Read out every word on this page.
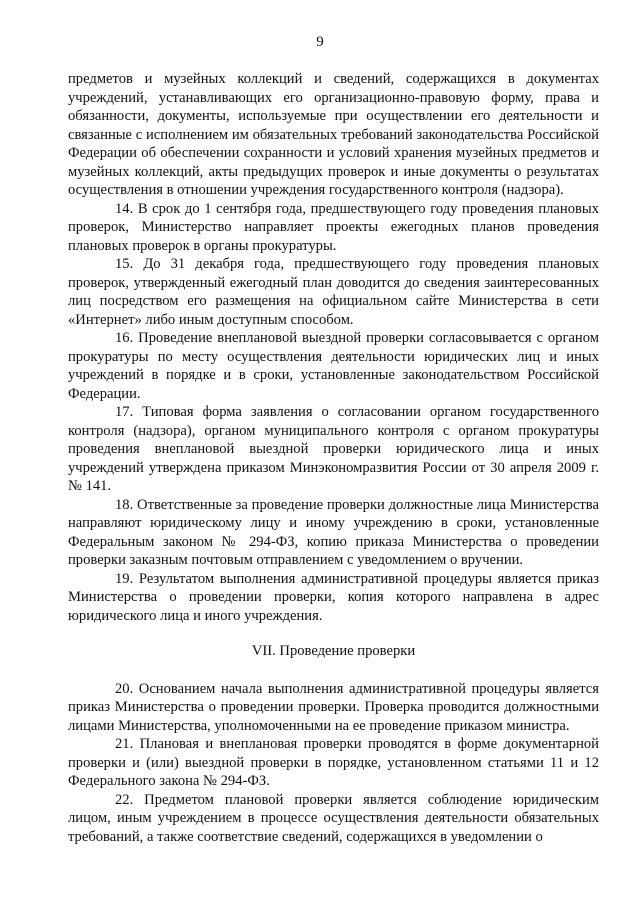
9

предметов и музейных коллекций и сведений, содержащихся в документах учреждений, устанавливающих его организационно-правовую форму, права и обязанности, документы, используемые при осуществлении его деятельности и связанные с исполнением им обязательных требований законодательства Российской Федерации об обеспечении сохранности и условий хранения музейных предметов и музейных коллекций, акты предыдущих проверок и иные документы о результатах осуществления в отношении учреждения государственного контроля (надзора).

14. В срок до 1 сентября года, предшествующего году проведения плановых проверок, Министерство направляет проекты ежегодных планов проведения плановых проверок в органы прокуратуры.

15. До 31 декабря года, предшествующего году проведения плановых проверок, утвержденный ежегодный план доводится до сведения заинтересованных лиц посредством его размещения на официальном сайте Министерства в сети «Интернет» либо иным доступным способом.

16. Проведение внеплановой выездной проверки согласовывается с органом прокуратуры по месту осуществления деятельности юридических лиц и иных учреждений в порядке и в сроки, установленные законодательством Российской Федерации.

17. Типовая форма заявления о согласовании органом государственного контроля (надзора), органом муниципального контроля с органом прокуратуры проведения внеплановой выездной проверки юридического лица и иных учреждений утверждена приказом Минэкономразвития России от 30 апреля 2009 г. № 141.

18. Ответственные за проведение проверки должностные лица Министерства направляют юридическому лицу и иному учреждению в сроки, установленные Федеральным законом № 294-ФЗ, копию приказа Министерства о проведении проверки заказным почтовым отправлением с уведомлением о вручении.

19. Результатом выполнения административной процедуры является приказ Министерства о проведении проверки, копия которого направлена в адрес юридического лица и иного учреждения.

VII. Проведение проверки

20. Основанием начала выполнения административной процедуры является приказ Министерства о проведении проверки. Проверка проводится должностными лицами Министерства, уполномоченными на ее проведение приказом министра.

21. Плановая и внеплановая проверки проводятся в форме документарной проверки и (или) выездной проверки в порядке, установленном статьями 11 и 12 Федерального закона № 294-ФЗ.

22. Предметом плановой проверки является соблюдение юридическим лицом, иным учреждением в процессе осуществления деятельности обязательных требований, а также соответствие сведений, содержащихся в уведомлении о
